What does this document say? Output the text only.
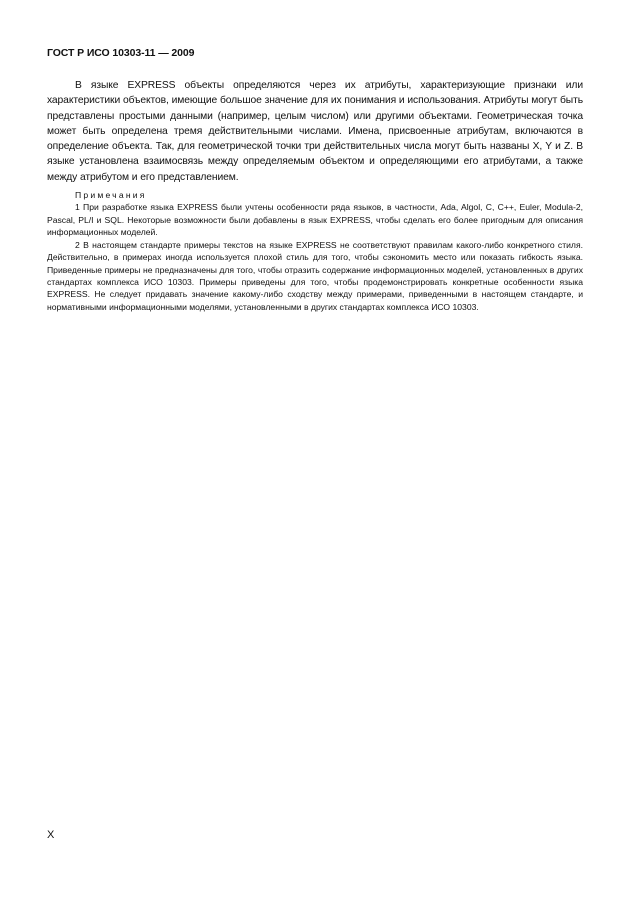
ГОСТ Р ИСО 10303-11 — 2009

В языке EXPRESS объекты определяются через их атрибуты, характеризующие признаки или характеристики объектов, имеющие большое значение для их понимания и использования. Атрибуты могут быть представлены простыми данными (например, целым числом) или другими объектами. Геометрическая точка может быть определена тремя действительными числами. Имена, присвоенные атрибутам, включаются в определение объекта. Так, для геометрической точки три действительных числа могут быть названы X, Y и Z. В языке установлена взаимосвязь между определяемым объектом и определяющими его атрибутами, а также между атрибутом и его представлением.

Примечания

1 При разработке языка EXPRESS были учтены особенности ряда языков, в частности, Ada, Algol, C, C++, Euler, Modula-2, Pascal, PL/I и SQL. Некоторые возможности были добавлены в язык EXPRESS, чтобы сделать его более пригодным для описания информационных моделей.

2 В настоящем стандарте примеры текстов на языке EXPRESS не соответствуют правилам какого-либо конкретного стиля. Действительно, в примерах иногда используется плохой стиль для того, чтобы сэкономить место или показать гибкость языка. Приведенные примеры не предназначены для того, чтобы отразить содержание информационных моделей, установленных в других стандартах комплекса ИСО 10303. Примеры приведены для того, чтобы продемонстрировать конкретные особенности языка EXPRESS. Не следует придавать значение какому-либо сходству между примерами, приведенными в настоящем стандарте, и нормативными информационными моделями, установленными в других стандартах комплекса ИСО 10303.

X
